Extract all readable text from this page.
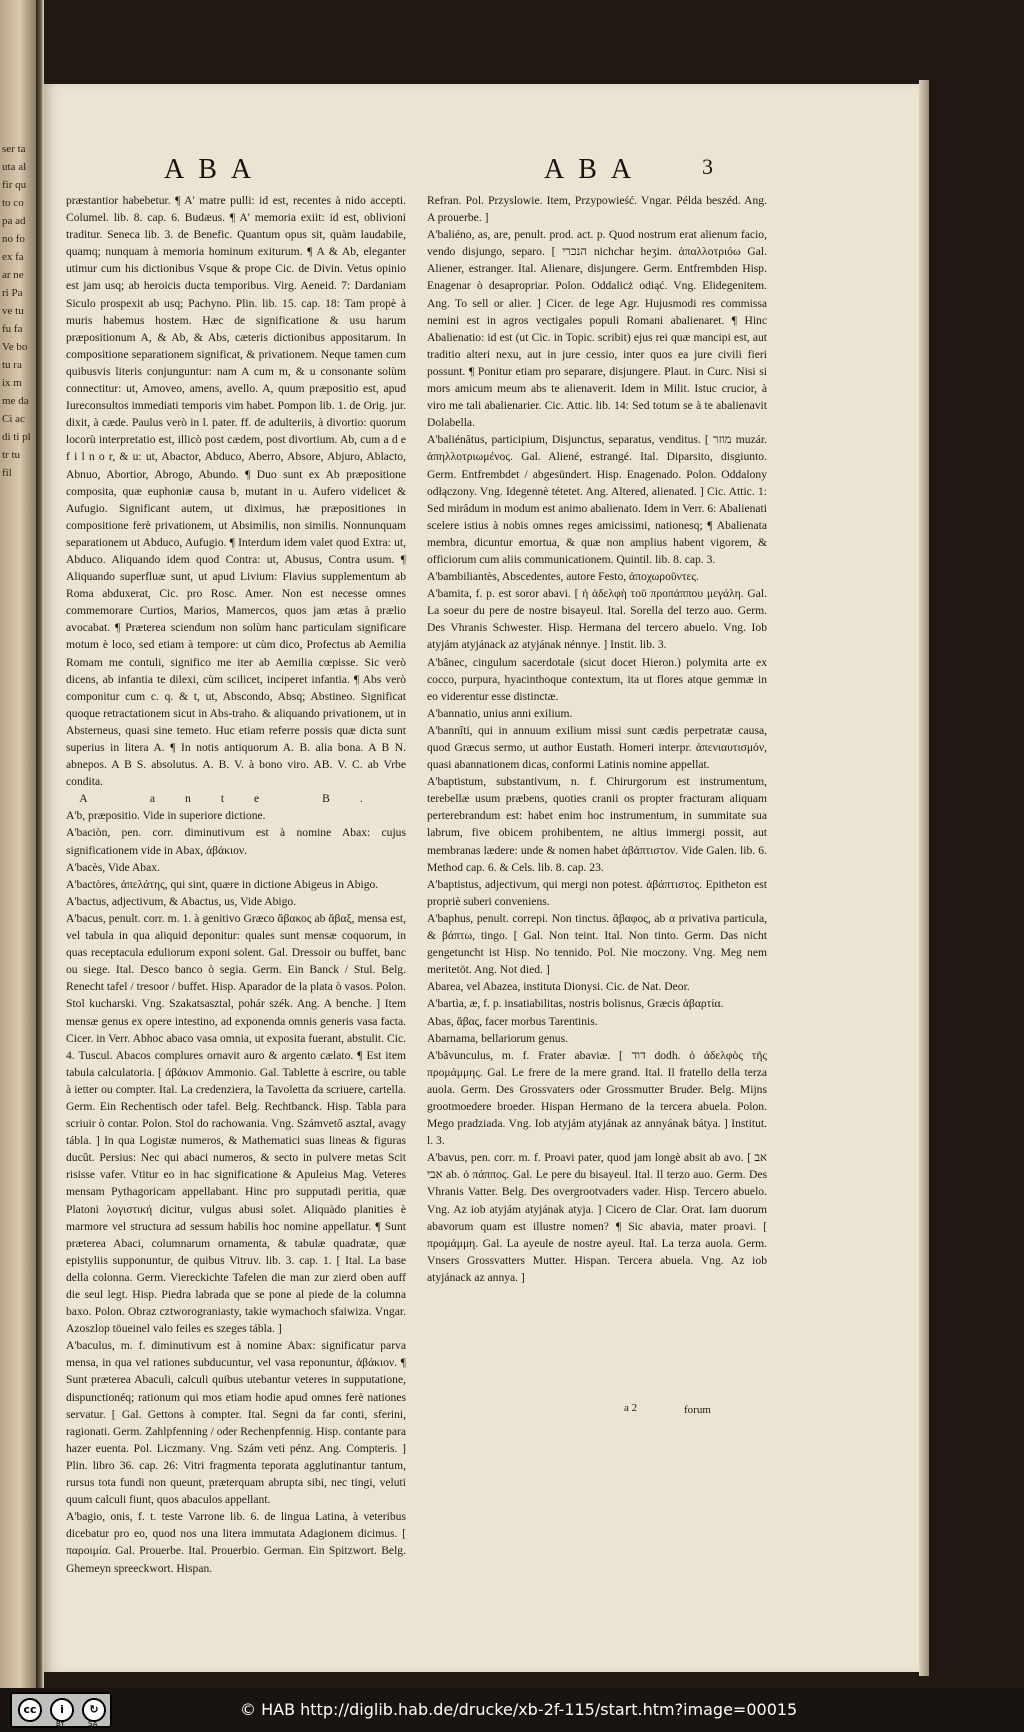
ser ta uta al fir qu to co pa ad no fo ex fa ar ne ri Pa ve tu fu fa Ve bo tu ra ix m me da Ci ac di ti pl tr tu fil
ABA	ABA	3

præstantior habebetur. ¶ A' matre pulli: id est, recentes à nido accepti. Columel. lib. 8. cap. 6. Budæus. ¶ A' memoria exiit: id est, oblivioni traditur. Seneca lib. 3. de Benefic. Quantum opus sit, quàm laudabile, quamq; nunquam à memoria hominum exiturum. ¶ A & Ab, eleganter utimur cum his dictionibus Vsque & prope Cic. de Divin. Vetus opinio est jam usq; ab heroicis ducta temporibus. Virg. Aeneid. 7: Dardaniam Siculo prospexit ab usq; Pachyno. Plin. lib. 15. cap. 18: Tam propè à muris habemus hostem. Hæc de significatione & usu harum præpositionum A, & Ab, & Abs, cæteris dictionibus appositarum. In compositione separationem significat, & privationem. Neque tamen cum quibusvis literis conjunguntur: nam A cum m, & u consonante solùm connectitur: ut, Amoveo, amens, avello. A, quum præpositio est, apud Iureconsultos immediati temporis vim habet. Pompon lib. 1. de Orig. jur. dixit, à cæde. Paulus verò in l. pater. ff. de adulteriis, à divortio: quorum locorù interpretatio est, illicò post cædem, post divortium. Ab, cum a d e f i l n o r, & u: ut, Abactor, Abduco, Aberro, Absore, Abjuro, Ablacto, Abnuo, Abortior, Abrogo, Abundo. ¶ Duo sunt ex Ab præpositione composita, quæ euphoniæ causa b, mutant in u. Aufero videlicet & Aufugio. Significant autem, ut diximus, hæ præpositiones in compositione ferè privationem, ut Absimilis, non similis. Nonnunquam separationem ut Abduco, Aufugio. ¶ Interdum idem valet quod Extra: ut, Abduco. Aliquando idem quod Contra: ut, Abusus, Contra usum. ¶ Aliquando superfluæ sunt, ut apud Livium: Flavius supplementum ab Roma abduxerat, Cic. pro Rosc. Amer. Non est necesse omnes commemorare Curtios, Marios, Mamercos, quos jam ætas à prælio avocabat. ¶ Præterea sciendum non solùm hanc particulam significare motum è loco, sed etiam à tempore: ut cùm dico, Profectus ab Aemilia Romam me contuli, significo me iter ab Aemilia cœpisse. Sic verò dicens, ab infantia te dilexi, cùm scilicet, inciperet infantia. ¶ Abs verò componitur cum c. q. & t, ut, Abscondo, Absq; Abstineo. Significat quoque retractationem sicut in Abs-traho. & aliquando privationem, ut in Absterneus, quasi sine temeto. Huc etiam referre possis quæ dicta sunt superius in litera A. ¶ In notis antiquorum A. B. alia bona. A B N. abnepos. A B S. absolutus. A. B. V. à bono viro. AB. V. C. ab Vrbe condita.

A ante B.

A'b, præpositio. Vide in superiore dictione.

A'baciòn, pen. corr. diminutivum est à nomine Abax: cujus significationem vide in Abax, ἀβάκιον.

A'bacès, Vide Abax.

A'bactòres, ἀπελάτης, qui sint, quære in dictione Abigeus in Abigo.

A'bactus, adjectivum, & Abactus, us, Vide Abigo.

A'bacus, penult. corr. m. 1. à genitivo Græco ἄβακος ab ἄβαξ, mensa est, vel tabula in qua aliquid deponitur: quales sunt mensæ coquorum, in quas receptacula eduliorum exponi solent. Gal. Dressoir ou buffet, banc ou siege. Ital. Desco banco ò segia. Germ. Ein Banck / Stul. Belg. Renecht tafel / tresoor / buffet. Hisp. Aparador de la plata ò vasos. Polon. Stol kucharski. Vng. Szakatsasztal, pohár szék. Ang. A benche. ] Item mensæ genus ex opere intestino, ad exponenda omnis generis vasa facta. Cicer. in Verr. Abhoc abaco vasa omnia, ut exposita fuerant, abstulit. Cic. 4. Tuscul. Abacos complures ornavit auro & argento cælato. ¶ Est item tabula calculatoria. [ ἀβάκιον Ammonio. Gal. Tablette à escrire, ou table à ietter ou compter. Ital. La credenziera, la Tavoletta da scriuere, cartella. Germ. Ein Rechentisch oder tafel. Belg. Rechtbanck. Hisp. Tabla para scriuir ò contar. Polon. Stol do rachowania. Vng. Számvető asztal, avagy tábla. ] In qua Logistæ numeros, & Mathematici suas lineas & figuras ducût. Persius: Nec qui abaci numeros, & secto in pulvere metas Scit risisse vafer. Vtitur eo in hac significatione & Apuleius Mag. Veteres mensam Pythagoricam appellabant. Hinc pro supputadi peritia, quæ Platoni λογιστική dicitur, vulgus abusi solet. Aliquàdo planities è marmore vel structura ad sessum habilis hoc nomine appellatur. ¶ Sunt præterea Abaci, columnarum ornamenta, & tabulæ quadratæ, quæ epistyliis supponuntur, de quibus Vitruv. lib. 3. cap. 1. [ Ital. La base della colonna. Germ. Viereckichte Tafelen die man zur zierd oben auff die seul legt. Hisp. Piedra labrada que se pone al piede de la columna baxo. Polon. Obraz cztworograniasty, takie wymachoch sfaiwiza. Vngar. Azoszlop töueinel valo feiles es szeges tábla. ]

A'baculus, m. f. diminutivum est à nomine Abax: significatur parva mensa, in qua vel rationes subducuntur, vel vasa reponuntur, ἀβάκιον. ¶ Sunt præterea Abaculi, calculi quibus utebantur veteres in supputatione, dispunctionéq; rationum qui mos etiam hodie apud omnes ferè nationes servatur. [ Gal. Gettons à compter. Ital. Segni da far conti, sferini, ragionati. Germ. Zahlpfenning / oder Rechenpfennig. Hisp. contante para hazer euenta. Pol. Liczmany. Vng. Szám veti pénz. Ang. Compteris. ] Plin. libro 36. cap. 26: Vitri fragmenta teporata agglutinantur tantum, rursus tota fundi non queunt, præterquam abrupta sibi, nec tingi, veluti quum calculi fiunt, quos abaculos appellant.

A'bagio, onis, f. t. teste Varrone lib. 6. de lingua Latina, à veteribus dicebatur pro eo, quod nos una litera immutata Adagionem dicimus. [ παροιμία. Gal. Prouerbe. Ital. Prouerbio. German. Ein Spitzwort. Belg. Ghemeyn spreeckwort. Hispan.

Refran. Pol. Przyslowie. Item, Przypowieść. Vngar. Példa beszéd. Ang. A prouerbe. ]

A'baliéno, as, are, penult. prod. act. p. Quod nostrum erat alienum facio, vendo disjungo, separo. [ הנכרי nichchar heʒim. ἀπαλλοτριόω Gal. Aliener, estranger. Ital. Alienare, disjungere. Germ. Entfrembden Hisp. Enagenar ò desapropriar. Polon. Oddalicż odiąć. Vng. Elidegenitem. Ang. To sell or alier. ] Cicer. de lege Agr. Hujusmodi res commissa nemini est in agros vectigales populi Romani abalienaret. ¶ Hinc Abalienatio: id est (ut Cic. in Topic. scribit) ejus rei quæ mancipi est, aut traditio alteri nexu, aut in jure cessio, inter quos ea jure civili fieri possunt. ¶ Ponitur etiam pro separare, disjungere. Plaut. in Curc. Nisi si mors amicum meum abs te alienaverit. Idem in Milit. Istuc crucior, à viro me tali abalienarier. Cic. Attic. lib. 14: Sed totum se à te abalienavit Dolabella.

A'baliénâtus, participium, Disjunctus, separatus, venditus. [ מוזר muzár. ἀπηλλοτριωμένος. Gal. Aliené, estrangé. Ital. Diparsito, disgiunto. Germ. Entfrembdet / abgesündert. Hisp. Enagenado. Polon. Oddalony odłączony. Vng. Idegennè tétetet. Ang. Altered, alienated. ] Cic. Attic. 1: Sed mirâdum in modum est animo abalienato. Idem in Verr. 6: Abalienati scelere istius à nobis omnes reges amicissimi, nationesq; ¶ Abalienata membra, dicuntur emortua, & quæ non amplius habent vigorem, & officiorum cum aliis communicationem. Quintil. lib. 8. cap. 3.

A'bambiliantès, Abscedentes, autore Festo, ἀποχωροῦντες.

A'bamita, f. p. est soror abavi. [ ἡ ἀδελφὴ τοῦ προπάππου μεγάλη. Gal. La soeur du pere de nostre bisayeul. Ital. Sorella del terzo auo. Germ. Des Vhranis Schwester. Hisp. Hermana del tercero abuelo. Vng. Iob atyjám atyjánack az atyjának nénnye. ] Instit. lib. 3.

A'bânec, cingulum sacerdotale (sicut docet Hieron.) polymita arte ex cocco, purpura, hyacinthoque contextum, ita ut flores atque gemmæ in eo viderentur esse distinctæ.

A'bannatio, unius anni exilium.

A'bannîti, qui in annuum exilium missi sunt cædis perpetratæ causa, quod Græcus sermo, ut author Eustath. Homeri interpr. ἀπενιαυτισμόν, quasi abannationem dicas, conformi Latinis nomine appellat.

A'baptistum, substantivum, n. f. Chirurgorum est instrumentum, terebellæ usum præbens, quoties cranii os propter fracturam aliquam perterebrandum est: habet enim hoc instrumentum, in summitate sua labrum, five obicem prohibentem, ne altius immergi possit, aut membranas lædere: unde & nomen habet ἀβάπτιστον. Vide Galen. lib. 6. Method cap. 6. & Cels. lib. 8. cap. 23.

A'baptistus, adjectivum, qui mergi non potest. ἀβάπτιστος. Epitheton est propriè suberi conveniens.

A'baphus, penult. correpi. Non tinctus. ἄβαφος, ab α privativa particula, & βάπτω, tingo. [ Gal. Non teint. Ital. Non tinto. Germ. Das nicht gengetuncht ist Hisp. No tennido. Pol. Nie moczony. Vng. Meg nem meritetöt. Ang. Not died. ]

Abarea, vel Abazea, instituta Dionysi. Cic. de Nat. Deor.

A'bartìa, æ, f. p. insatiabilitas, nostris bolisnus, Græcis ἀβαρτία.

Abas, ἄβας, facer morbus Tarentinis.

Abarnama, bellariorum genus.

A'bâvunculus, m. f. Frater abaviæ. [ דוד dodh. ὁ ἀδελφὸς τῆς προμάμμης. Gal. Le frere de la mere grand. Ital. Il fratello della terza auola. Germ. Des Grossvaters oder Grossmutter Bruder. Belg. Mijns grootmoedere broeder. Hispan Hermano de la tercera abuela. Polon. Mego pradziada. Vng. Iob atyjám atyjának az annyának bátya. ] Institut. l. 3.

A'bavus, pen. corr. m. f. Proavi pater, quod jam longè absit ab avo. [ אב אבי ab. ὁ πάππος. Gal. Le pere du bisayeul. Ital. Il terzo auo. Germ. Des Vhranis Vatter. Belg. Des overgrootvaders vader. Hisp. Tercero abuelo. Vng. Az iob atyjám atyjának atyja. ] Cicero de Clar. Orat. Iam duorum abavorum quam est illustre nomen? ¶ Sic abavia, mater proavi. [ προμάμμη. Gal. La ayeule de nostre ayeul. Ital. La terza auola. Germ. Vnsers Grossvatters Mutter. Hispan. Tercera abuela. Vng. Az iob atyjánack az annya. ]

a 2	forum
cc	i	↻
BY	SA
© HAB http://diglib.hab.de/drucke/xb-2f-115/start.htm?image=00015
